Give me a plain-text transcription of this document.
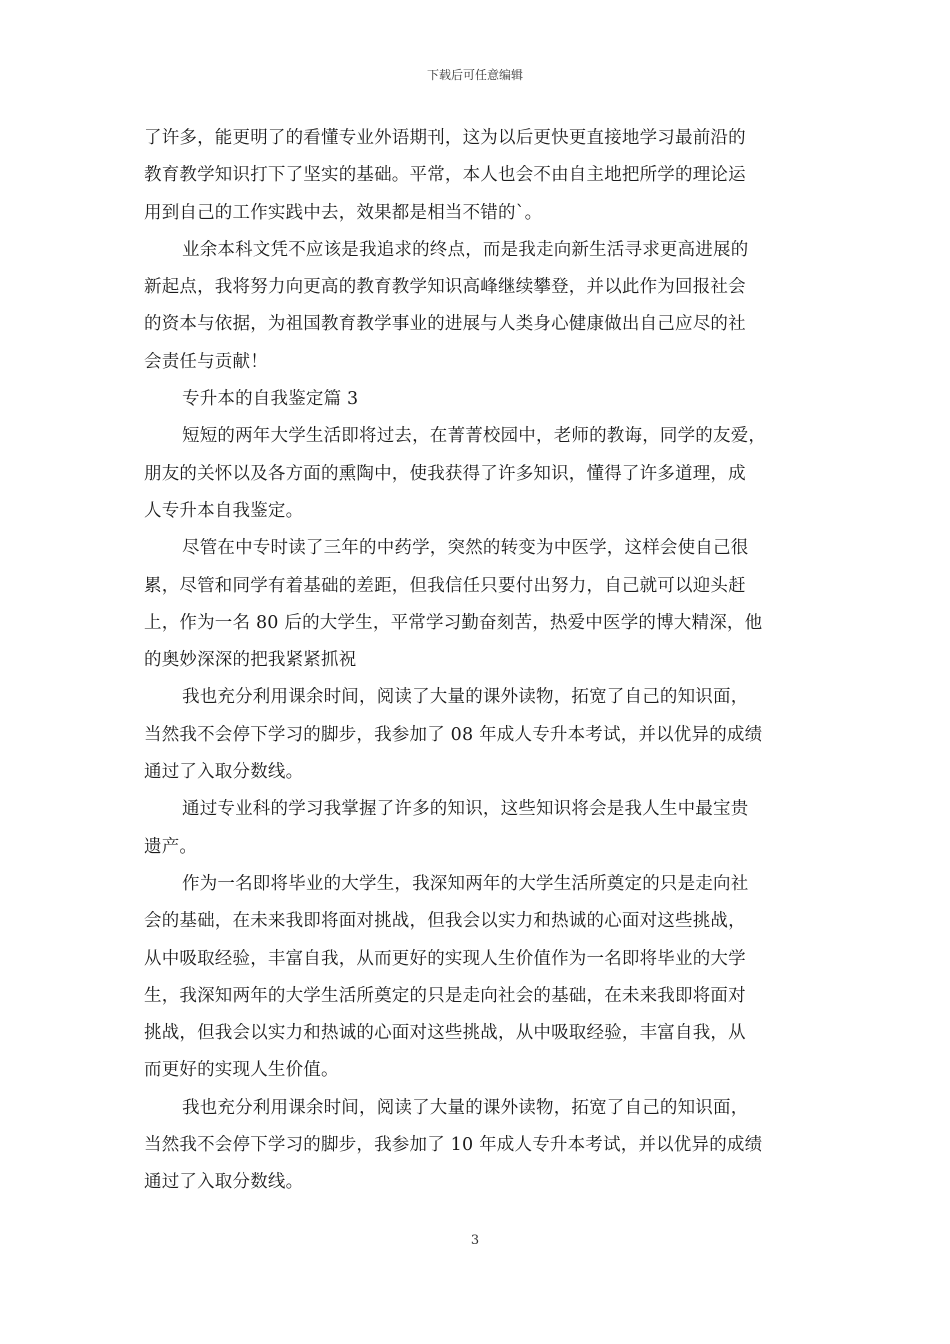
下载后可任意编辑
了许多，能更明了的看懂专业外语期刊，这为以后更快更直接地学习最前沿的
教育教学知识打下了坚实的基础。平常，本人也会不由自主地把所学的理论运
用到自己的工作实践中去，效果都是相当不错的`。
业余本科文凭不应该是我追求的终点，而是我走向新生活寻求更高进展的
新起点，我将努力向更高的教育教学知识高峰继续攀登，并以此作为回报社会
的资本与依据，为祖国教育教学事业的进展与人类身心健康做出自己应尽的社
会责任与贡献！
专升本的自我鉴定篇 3
短短的两年大学生活即将过去，在菁菁校园中，老师的教诲，同学的友爱，
朋友的关怀以及各方面的熏陶中，使我获得了许多知识，懂得了许多道理，成
人专升本自我鉴定。
尽管在中专时读了三年的中药学，突然的转变为中医学，这样会使自己很
累，尽管和同学有着基础的差距，但我信任只要付出努力，自己就可以迎头赶
上，作为一名 80 后的大学生，平常学习勤奋刻苦，热爱中医学的博大精深，他
的奥妙深深的把我紧紧抓祝
我也充分利用课余时间，阅读了大量的课外读物，拓宽了自己的知识面，
当然我不会停下学习的脚步，我参加了 08 年成人专升本考试，并以优异的成绩
通过了入取分数线。
通过专业科的学习我掌握了许多的知识，这些知识将会是我人生中最宝贵
遗产。
作为一名即将毕业的大学生，我深知两年的大学生活所奠定的只是走向社
会的基础，在未来我即将面对挑战，但我会以实力和热诚的心面对这些挑战，
从中吸取经验，丰富自我，从而更好的实现人生价值作为一名即将毕业的大学
生，我深知两年的大学生活所奠定的只是走向社会的基础，在未来我即将面对
挑战，但我会以实力和热诚的心面对这些挑战，从中吸取经验，丰富自我，从
而更好的实现人生价值。
我也充分利用课余时间，阅读了大量的课外读物，拓宽了自己的知识面，
当然我不会停下学习的脚步，我参加了 10 年成人专升本考试，并以优异的成绩
通过了入取分数线。
3
